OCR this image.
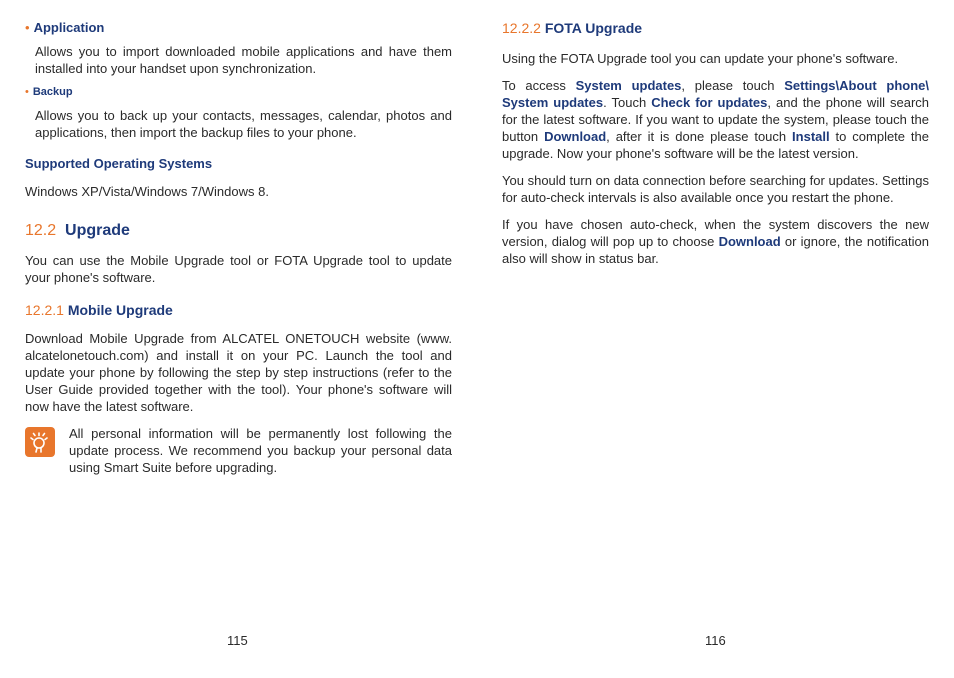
• Application

Allows you to import downloaded mobile applications and have them installed into your handset upon synchronization.

• Backup

Allows you to back up your contacts, messages, calendar, photos and applications, then import the backup files to your phone.

Supported Operating Systems

Windows XP/Vista/Windows 7/Windows 8.

12.2 Upgrade

You can use the Mobile Upgrade tool or FOTA Upgrade tool to update your phone's software.

12.2.1 Mobile Upgrade

Download Mobile Upgrade from ALCATEL ONETOUCH website (www. alcatelonetouch.com) and install it on your PC. Launch the tool and update your phone by following the step by step instructions (refer to the User Guide provided together with the tool). Your phone's software will now have the latest software.

All personal information will be permanently lost following the update process. We recommend you backup your personal data using Smart Suite before upgrading.

115
12.2.2 FOTA Upgrade

Using the FOTA Upgrade tool you can update your phone's software.

To access System updates, please touch Settings\About phone\ System updates. Touch Check for updates, and the phone will search for the latest software. If you want to update the system, please touch the button Download, after it is done please touch Install to complete the upgrade. Now your phone's software will be the latest version.

You should turn on data connection before searching for updates. Settings for auto-check intervals is also available once you restart the phone.

If you have chosen auto-check, when the system discovers the new version, dialog will pop up to choose Download or ignore, the notification also will show in status bar.

116
